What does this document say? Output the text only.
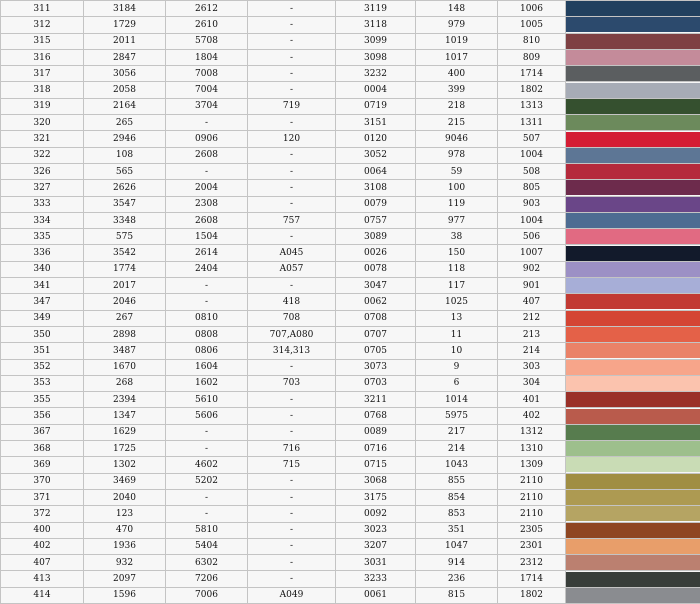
311	3184	2612	-	3119	148	1006	

312	1729	2610	-	3118	979	1005	

315	2011	5708	-	3099	1019	810	

316	2847	1804	-	3098	1017	809	

317	3056	7008	-	3232	400	1714	

318	2058	7004	-	0004	399	1802	

319	2164	3704	719	0719	218	1313	

320	265	-	-	3151	215	1311	

321	2946	0906	120	0120	9046	507	

322	108	2608	-	3052	978	1004	

326	565	-	-	0064	59	508	

327	2626	2004	-	3108	100	805	

333	3547	2308	-	0079	119	903	

334	3348	2608	757	0757	977	1004	

335	575	1504	-	3089	38	506	

336	3542	2614	A045	0026	150	1007	

340	1774	2404	A057	0078	118	902	

341	2017	-	-	3047	117	901	

347	2046	-	418	0062	1025	407	

349	267	0810	708	0708	13	212	

350	2898	0808	707,A080	0707	11	213	

351	3487	0806	314,313	0705	10	214	

352	1670	1604	-	3073	9	303	

353	268	1602	703	0703	6	304	

355	2394	5610	-	3211	1014	401	

356	1347	5606	-	0768	5975	402	

367	1629	-	-	0089	217	1312	

368	1725	-	716	0716	214	1310	

369	1302	4602	715	0715	1043	1309	

370	3469	5202	-	3068	855	2110	

371	2040	-	-	3175	854	2110	

372	123	-	-	0092	853	2110	

400	470	5810	-	3023	351	2305	

402	1936	5404	-	3207	1047	2301	

407	932	6302	-	3031	914	2312	

413	2097	7206	-	3233	236	1714	

414	1596	7006	A049	0061	815	1802	
